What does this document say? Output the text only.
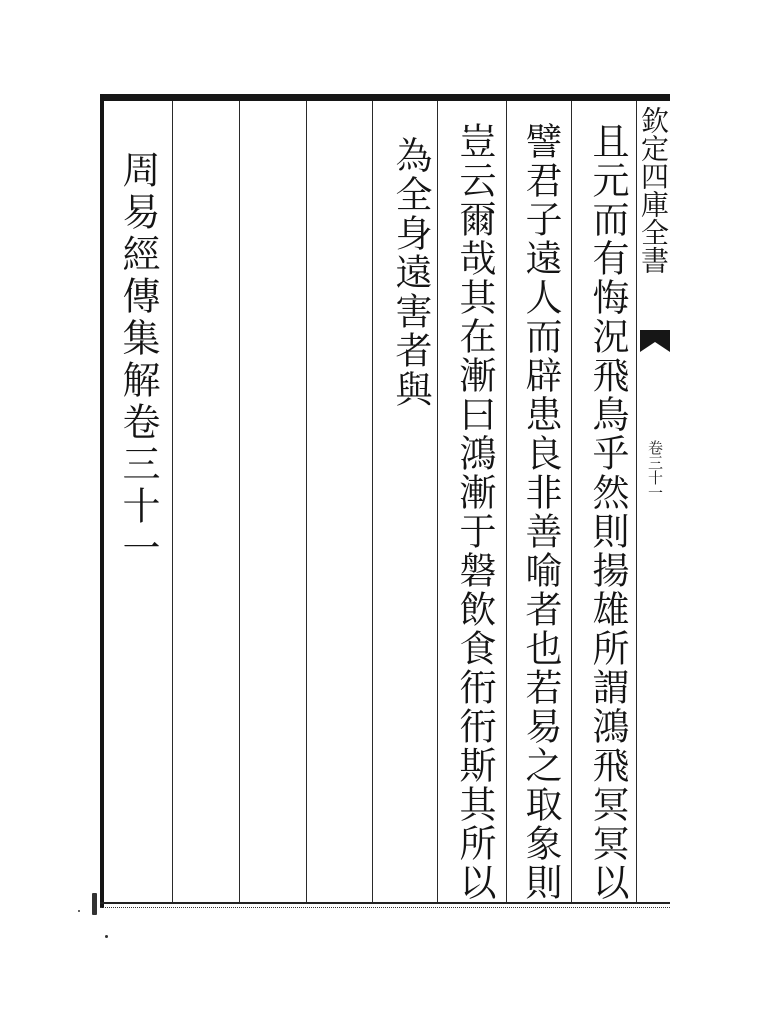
且元而有悔況飛鳥乎然則揚雄所謂鴻飛冥冥以
譬君子遠人而辟患良非善喻者也若易之取象則
豈云爾哉其在漸曰鴻漸于磐飲食衎衎斯其所以
為全身遠害者與	欽定四庫全書
卷三十一
周易經傳集解卷三十一
